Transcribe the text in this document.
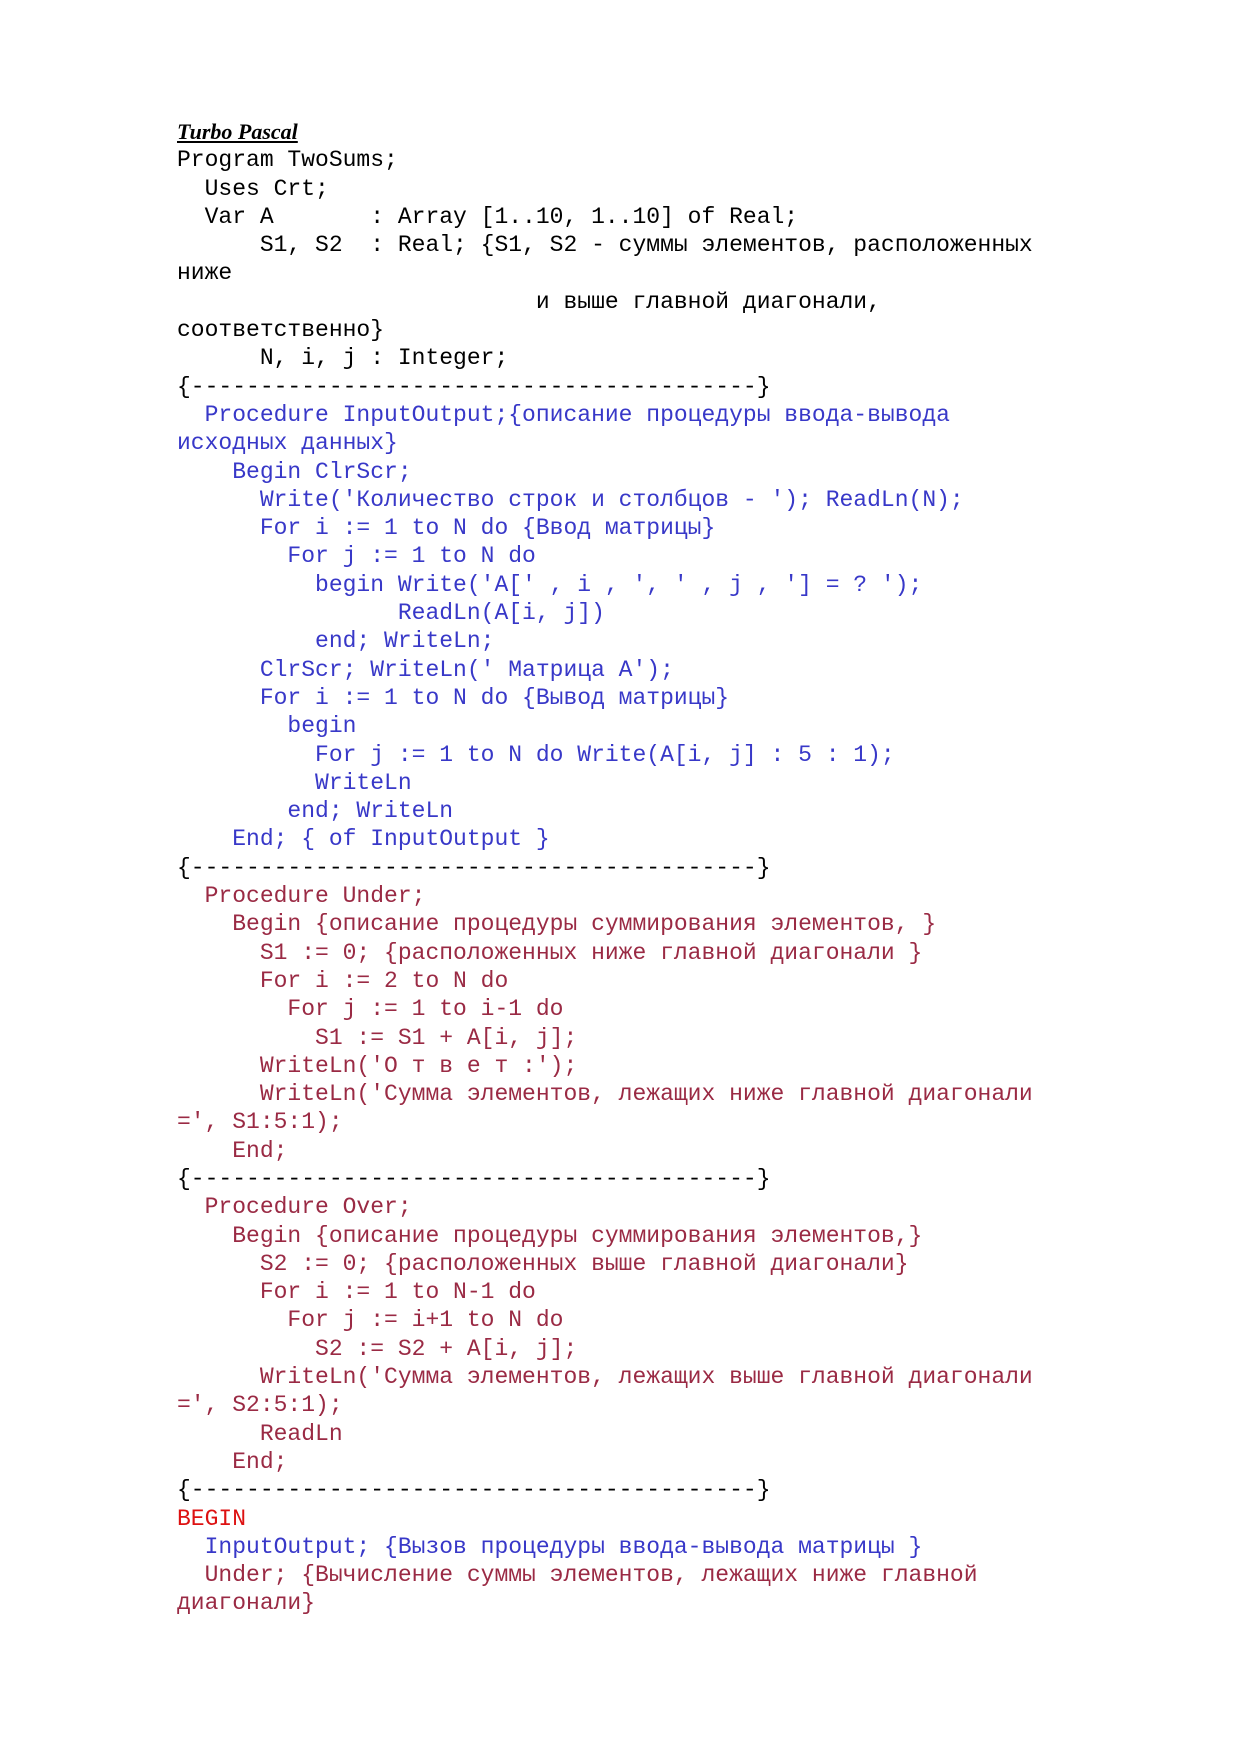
Turbo Pascal
Program TwoSums;
Uses Crt;
Var A       : Array [1..10, 1..10] of Real;
S1, S2  : Real; {S1, S2 - суммы элементов, расположенных
ниже
и выше главной диагонали,
соответственно}
N, i, j : Integer;
{-----------------------------------------}
Procedure InputOutput;{описание процедуры ввода-вывода
исходных данных}
Begin ClrScr;
Write('Количество строк и столбцов - '); ReadLn(N);
For i := 1 to N do {Ввод матрицы}
For j := 1 to N do
begin Write('A[' , i , ', ' , j , '] = ? ');
ReadLn(A[i, j])
end; WriteLn;
ClrScr; WriteLn(' Матрица A');
For i := 1 to N do {Вывод матрицы}
begin
For j := 1 to N do Write(A[i, j] : 5 : 1);
WriteLn
end; WriteLn
End; { of InputOutput }
{-----------------------------------------}
Procedure Under;
Begin {описание процедуры суммирования элементов, }
S1 := 0; {расположенных ниже главной диагонали }
For i := 2 to N do
For j := 1 to i-1 do
S1 := S1 + A[i, j];
WriteLn('О т в е т :');
WriteLn('Сумма элементов, лежащих ниже главной диагонали
=', S1:5:1);
End;
{-----------------------------------------}
Procedure Over;
Begin {описание процедуры суммирования элементов,}
S2 := 0; {расположенных выше главной диагонали}
For i := 1 to N-1 do
For j := i+1 to N do
S2 := S2 + A[i, j];
WriteLn('Сумма элементов, лежащих выше главной диагонали
=', S2:5:1);
ReadLn
End;
{-----------------------------------------}
BEGIN
InputOutput; {Вызов процедуры ввода-вывода матрицы }
Under; {Вычисление суммы элементов, лежащих ниже главной
диагонали}
